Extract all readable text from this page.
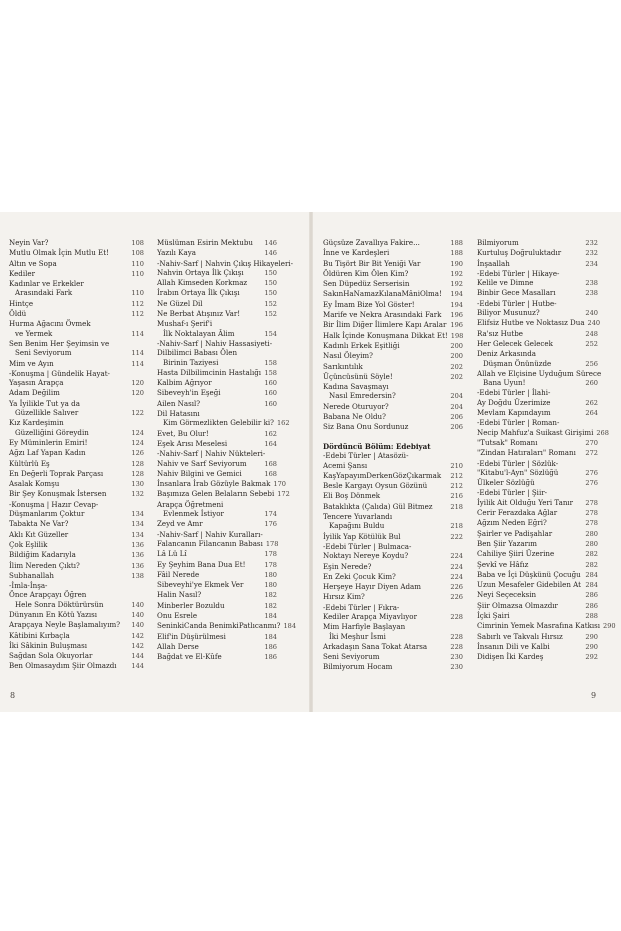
Neyin Var?	108
Mutlu Olmak İçin Mutlu Et!	108
Altın ve Sopa	110
Kediler	110
Kadınlar ve Erkekler
Arasındaki Fark	110
Hintçe	112
Öldü	112
Hurma Ağacını Övmek
ve Yermek	114
Sen Benim Her Şeyimsin ve
Seni Seviyorum	114
Mim ve Ayın	114
-Konuşma | Gündelik Hayat-
Yaşasın Arapça	120
Adam Değilim	120
Ya İyilikle Tut ya da
Güzellikle Salıver	122
Kız Kardeşimin
Güzelliğini Göreydin	124
Ey Müminlerin Emiri!	124
Ağzı Laf Yapan Kadın	126
Kültürlü Eş	128
En Değerli Toprak Parçası	128
Asalak Komşu	130
Bir Şey Konuşmak İstersen	132
-Konuşma | Hazır Cevap-
Düşmanlarım Çoktur	134
Tabakta Ne Var?	134
Aklı Kıt Güzeller	134
Çok Eşlilik	136
Bildiğim Kadarıyla	136
İlim Nereden Çıktı?	136
Subhanallah	138
-İmla-İnşa-
Önce Arapçayı Öğren
Hele Sonra Döktürürsün	140
Dünyanın En Kötü Yazısı	140
Arapçaya Neyle Başlamalıyım?	140
Kâtibini Kırbaçla	142
İki Sâkinin Buluşması	142
Sağdan Sola Okuyorlar	144
Ben Olmasaydım Şiir Olmazdı	144
Müslüman Esirin Mektubu	146
Yazılı Kaya	146
-Nahiv-Sarf | Nahvin Çıkış Hikayeleri-
Nahvin Ortaya İlk Çıkışı	150
Allah Kimseden Korkmaz	150
İrabın Ortaya İlk Çıkışı	150
Ne Güzel Dil	152
Ne Berbat Atışınız Var!	152
Mushaf-ı Şerif'i
İlk Noktalayan Âlim	154
-Nahiv-Sarf | Nahiv Hassasiyeti-
Dilbilimci Babası Ölen
Birinin Taziyesi	158
Hasta Dilbilimcinin Hastalığı 158
Kalbim Ağrıyor	160
Sibeveyh'in Eşeği	160
Ailen Nasıl?	160
Dil Hatasını
Kim Görmezlikten Gelebilir ki? 162
Evet, Bu Olur!	162
Eşek Arısı Meselesi	164
-Nahiv-Sarf | Nahiv Nükteleri-
Nahiv ve Sarf Seviyorum	168
Nahiv Bilgini ve Gemici	168
İnsanlara İrab Gözüyle Bakmak 170
Başımıza Gelen Belaların Sebebi 172
Arapça Öğretmeni
Evlenmek İstiyor	174
Zeyd ve Amr	176
-Nahiv-Sarf | Nahiv Kuralları-
Falancanın Filancanın Babası 178
Lâ Lü Lî	178
Ey Şeyhim Bana Dua Et!	178
Fâil Nerede	180
Sibeveyhi'ye Ekmek Ver	180
Halin Nasıl?	182
Minberler Bozuldu	182
Onu Esrele	184
SeninkiCanda BenimkiPatlıcanmı? 184
Elif'in Düşürülmesi	184
Allah Derse	186
Bağdat ve El-Kûfe	186
Güçsüze Zavallıya Fakire...	188
İnne ve Kardeşleri	188
Bu Tişört Bir Bit Yeniği Var	190
Öldüren Kim Ölen Kim?	192
Sen Düpedüz Serserisin	192
SakınHaNamazKılanaMâniOlma!	194
Ey İmam Bize Yol Göster!	194
Marife ve Nekra Arasındaki Fark	196
Bir İlim Diğer İlimlere Kapı Aralar 196
Halk İçinde Konuşmana Dikkat Et! 198
Kadınlı Erkek Eşitliği	200
Nasıl Öleyim?	200
Sarıkıntılık	202
Üçüncüsünü Söyle!	202
Kadına Savaşmayı
Nasıl Emredersin?	204
Nerede Oturuyor?	204
Babana Ne Oldu?	206
Siz Bana Onu Sordunuz	206
Dördüncü Bölüm: Edebiyat
-Edebi Türler | Atasözü-
Acemi Şansı	210
KaşYapayımDerkenGözÇıkarmak	212
Besle Kargayı Oysun Gözünü	212
Eli Boş Dönmek	216
Bataklıkta (Çalıda) Gül Bitmez	218
Tencere Yuvarlandı
Kapağını Buldu	218
İyilik Yap Kötülük Bul	222
-Edebi Türler | Bulmaca-
Noktayı Nereye Koydu?	224
Eşin Nerede?	224
En Zeki Çocuk Kim?	224
Herşeye Hayır Diyen Adam	226
Hırsız Kim?	226
-Edebi Türler | Fıkra-
Kediler Arapça Miyavlıyor	228
Mim Harfiyle Başlayan
İki Meşhur İsmi	228
Arkadaşın Sana Tokat Atarsa	228
Seni Seviyorum	230
Bilmiyorum Hocam	230
Bilmiyorum	232
Kurtuluş Doğruluktadır	232
İnşaallah	234
-Edebi Türler | Hikaye-
Kelile ve Dimne	238
Binbir Gece Masalları	238
-Edebi Türler | Hutbe-
Biliyor Musunuz?	240
Elifsiz Hutbe ve Noktasız Dua 240
Ra'sız Hutbe	248
Her Gelecek Gelecek	252
Deniz Arkasında
Düşman Önünüzde	256
Allah ve Elçisine Uyduğum Sürece
Bana Uyun!	260
-Edebi Türler | İlahi-
Ay Doğdu Üzerimize	262
Mevlam Kapındayım	264
-Edebi Türler | Roman-
Necip Mahfuz'a Suikast Girişimi 268
"Tutsak" Romanı	270
"Zindan Hatıraları" Romanı	272
-Edebi Türler | Sözlük-
"Kitabu'l-Ayn" Sözlüğü	276
Ülkeler Sözlüğü	276
-Edebi Türler | Şiir-
İyilik Ait Olduğu Yeri Tanır	278
Cerir Ferazdaka Ağlar	278
Ağzım Neden Eğri?	278
Şairler ve Padişahlar	280
Ben Şiir Yazarım	280
Cahiliye Şiiri Üzerine	282
Şevkî ve Hâfız	282
Baba ve İçi Düşkünü Çocuğu 284
Uzun Mesafeler Gidebilen At 284
Neyi Seçeceksin	286
Şiir Olmazsa Olmazdır	286
İçki Şairi	288
Cimrinin Yemek Masrafına Katkısı 290
Sabırlı ve Takvalı Hırsız	290
İnsanın Dili ve Kalbi	290
Didişen İki Kardeş	292
8	9
